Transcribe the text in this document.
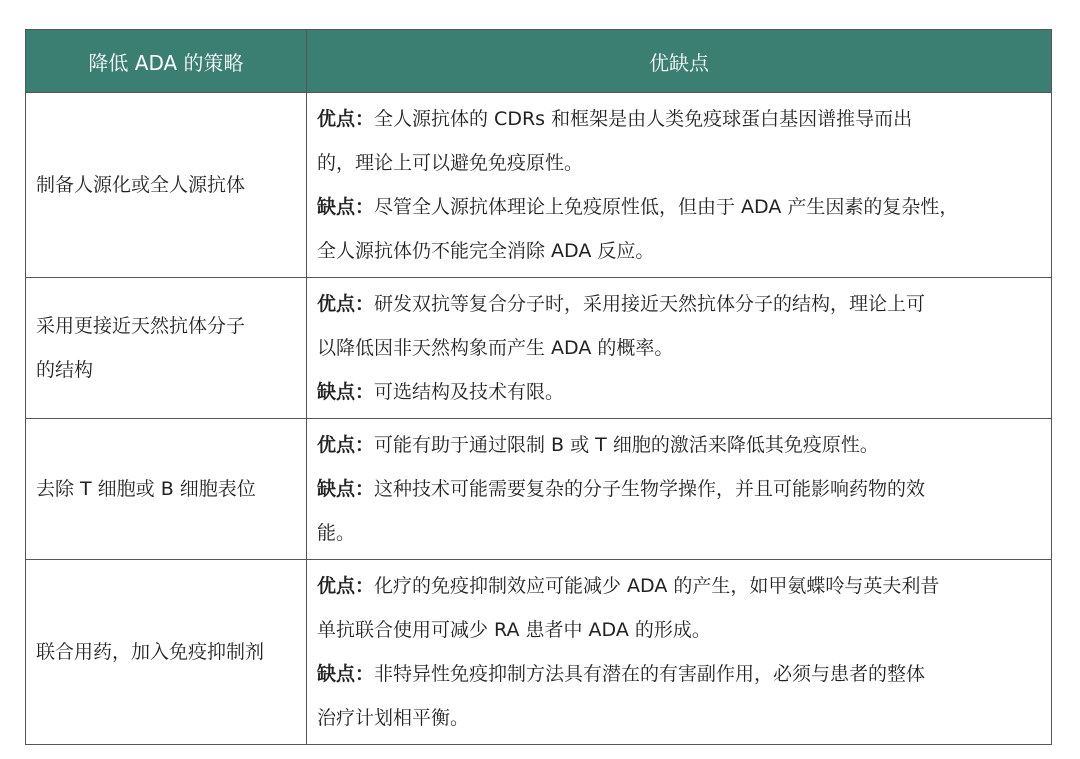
降低 ADA 的策略	优缺点

制备人源化或全人源抗体	优点：全人源抗体的 CDRs 和框架是由人类免疫球蛋白基因谱推导而出
的，理论上可以避免免疫原性。
缺点：尽管全人源抗体理论上免疫原性低，但由于 ADA 产生因素的复杂性，
全人源抗体仍不能完全消除 ADA 反应。

采用更接近天然抗体分子
的结构	优点：研发双抗等复合分子时，采用接近天然抗体分子的结构，理论上可
以降低因非天然构象而产生 ADA 的概率。
缺点：可选结构及技术有限。

去除 T 细胞或 B 细胞表位	优点：可能有助于通过限制 B 或 T 细胞的激活来降低其免疫原性。
缺点：这种技术可能需要复杂的分子生物学操作，并且可能影响药物的效
能。

联合用药，加入免疫抑制剂	优点：化疗的免疫抑制效应可能减少 ADA 的产生，如甲氨蝶呤与英夫利昔
单抗联合使用可减少 RA 患者中 ADA 的形成。
缺点：非特异性免疫抑制方法具有潜在的有害副作用，必须与患者的整体
治疗计划相平衡。
